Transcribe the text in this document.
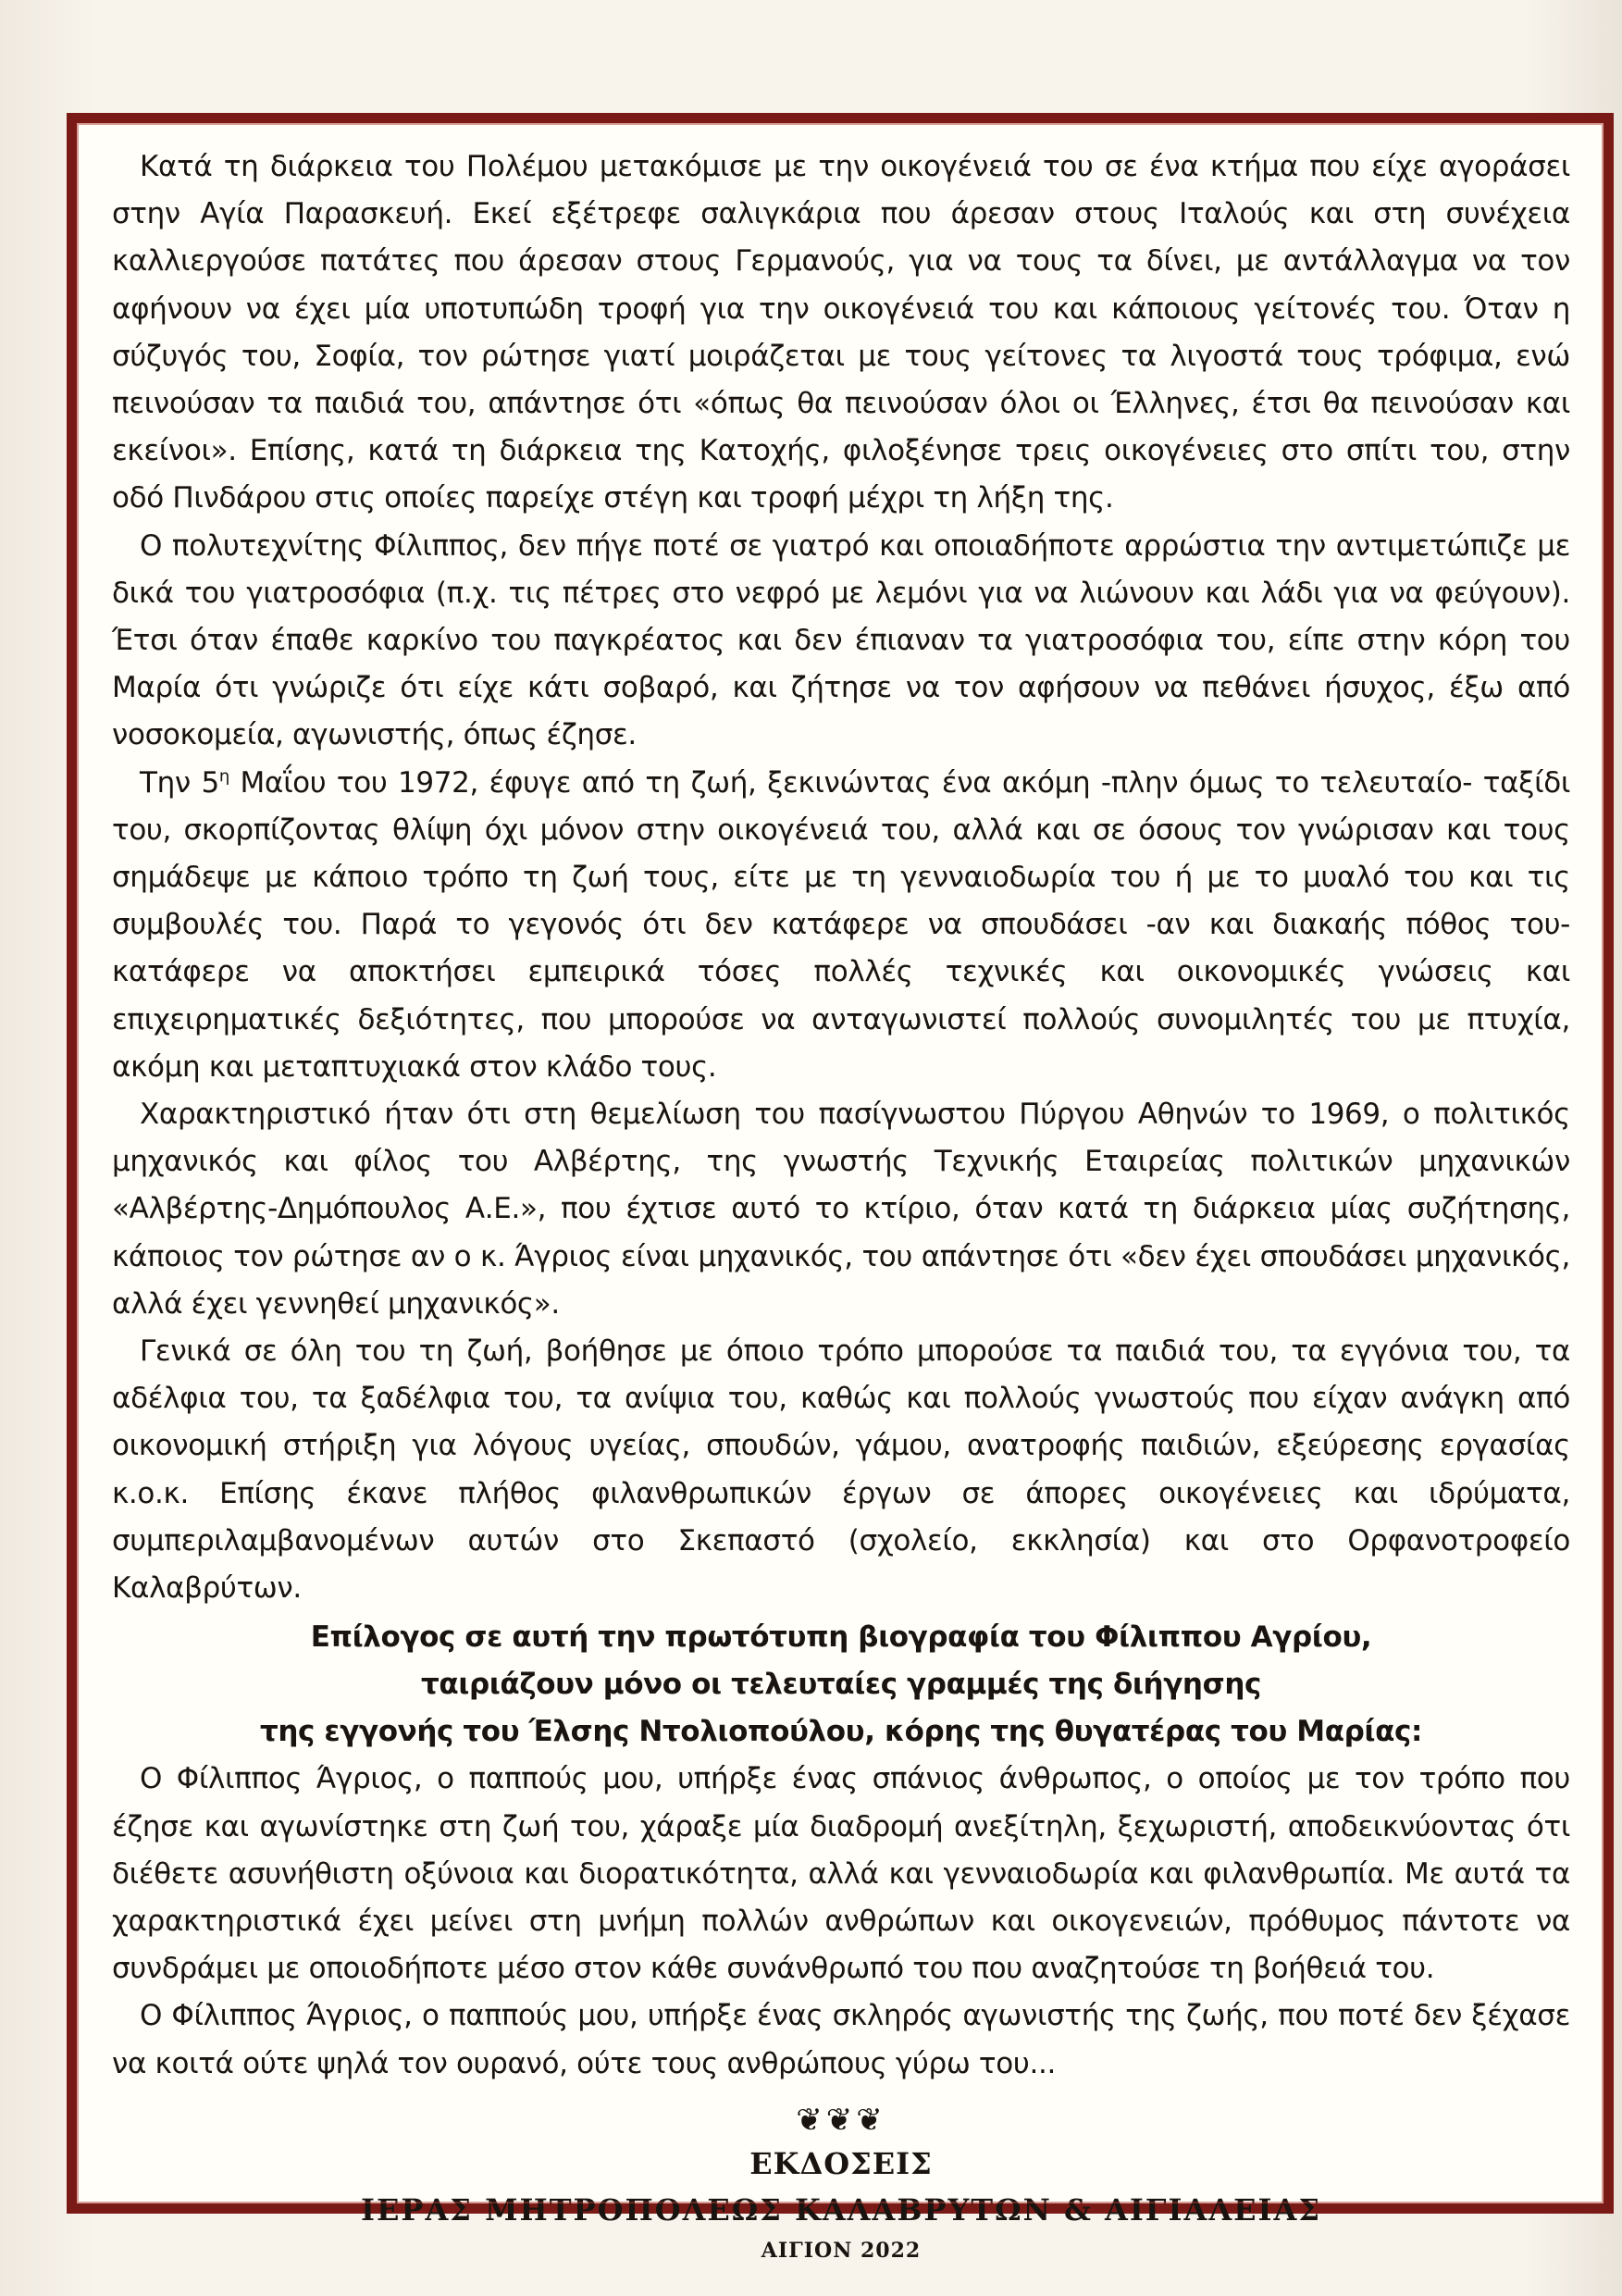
Κατά τη διάρκεια του Πολέμου μετακόμισε με την οικογένειά του σε ένα κτήμα που είχε αγοράσει στην Αγία Παρασκευή. Εκεί εξέτρεφε σαλιγκάρια που άρεσαν στους Ιταλούς και στη συνέχεια καλλιεργούσε πατάτες που άρεσαν στους Γερμανούς, για να τους τα δίνει, με αντάλλαγμα να τον αφήνουν να έχει μία υποτυπώδη τροφή για την οικογένειά του και κάποιους γείτονές του. Όταν η σύζυγός του, Σοφία, τον ρώτησε γιατί μοιράζεται με τους γείτονες τα λιγοστά τους τρόφιμα, ενώ πεινούσαν τα παιδιά του, απάντησε ότι «όπως θα πεινούσαν όλοι οι Έλληνες, έτσι θα πεινούσαν και εκείνοι». Επίσης, κατά τη διάρκεια της Κατοχής, φιλοξένησε τρεις οικογένειες στο σπίτι του, στην οδό Πινδάρου στις οποίες παρείχε στέγη και τροφή μέχρι τη λήξη της.

Ο πολυτεχνίτης Φίλιππος, δεν πήγε ποτέ σε γιατρό και οποιαδήποτε αρρώστια την αντιμετώπιζε με δικά του γιατροσόφια (π.χ. τις πέτρες στο νεφρό με λεμόνι για να λιώνουν και λάδι για να φεύγουν). Έτσι όταν έπαθε καρκίνο του παγκρέατος και δεν έπιαναν τα γιατροσόφια του, είπε στην κόρη του Μαρία ότι γνώριζε ότι είχε κάτι σοβαρό, και ζήτησε να τον αφήσουν να πεθάνει ήσυχος, έξω από νοσοκομεία, αγωνιστής, όπως έζησε.

Την $5^\eta$ Μαΐου του 1972, έφυγε από τη ζωή, ξεκινώντας ένα ακόμη -πλην όμως το τελευταίο- ταξίδι του, σκορπίζοντας θλίψη όχι μόνον στην οικογένειά του, αλλά και σε όσους τον γνώρισαν και τους σημάδεψε με κάποιο τρόπο τη ζωή τους, είτε με τη γενναιοδωρία του ή με το μυαλό του και τις συμβουλές του. Παρά το γεγονός ότι δεν κατάφερε να σπουδάσει -αν και διακαής πόθος του- κατάφερε να αποκτήσει εμπειρικά τόσες πολλές τεχνικές και οικονομικές γνώσεις και επιχειρηματικές δεξιότητες, που μπορούσε να ανταγωνιστεί πολλούς συνομιλητές του με πτυχία, ακόμη και μεταπτυχιακά στον κλάδο τους.

Χαρακτηριστικό ήταν ότι στη θεμελίωση του πασίγνωστου Πύργου Αθηνών το 1969, ο πολιτικός μηχανικός και φίλος του Αλβέρτης, της γνωστής Τεχνικής Εταιρείας πολιτικών μηχανικών «Αλβέρτης-Δημόπουλος Α.Ε.», που έχτισε αυτό το κτίριο, όταν κατά τη διάρκεια μίας συζήτησης, κάποιος τον ρώτησε αν ο κ. Άγριος είναι μηχανικός, του απάντησε ότι «δεν έχει σπουδάσει μηχανικός, αλλά έχει γεννηθεί μηχανικός».

Γενικά σε όλη του τη ζωή, βοήθησε με όποιο τρόπο μπορούσε τα παιδιά του, τα εγγόνια του, τα αδέλφια του, τα ξαδέλφια του, τα ανίψια του, καθώς και πολλούς γνωστούς που είχαν ανάγκη από οικονομική στήριξη για λόγους υγείας, σπουδών, γάμου, ανατροφής παιδιών, εξεύρεσης εργασίας κ.ο.κ. Επίσης έκανε πλήθος φιλανθρωπικών έργων σε άπορες οικογένειες και ιδρύματα, συμπεριλαμβανομένων αυτών στο Σκεπαστό (σχολείο, εκκλησία) και στο Ορφανοτροφείο Καλαβρύτων.

Επίλογος σε αυτή την πρωτότυπη βιογραφία του Φίλιππου Αγρίου,
ταιριάζουν μόνο οι τελευταίες γραμμές της διήγησης
της εγγονής του Έλσης Ντολιοπούλου, κόρης της θυγατέρας του Μαρίας:

Ο Φίλιππος Άγριος, ο παππούς μου, υπήρξε ένας σπάνιος άνθρωπος, ο οποίος με τον τρόπο που έζησε και αγωνίστηκε στη ζωή του, χάραξε μία διαδρομή ανεξίτηλη, ξεχωριστή, αποδεικνύοντας ότι διέθετε ασυνήθιστη οξύνοια και διορατικότητα, αλλά και γενναιοδωρία και φιλανθρωπία. Με αυτά τα χαρακτηριστικά έχει μείνει στη μνήμη πολλών ανθρώπων και οικογενειών, πρόθυμος πάντοτε να συνδράμει με οποιοδήποτε μέσο στον κάθε συνάνθρωπό του που αναζητούσε τη βοήθειά του.

Ο Φίλιππος Άγριος, ο παππούς μου, υπήρξε ένας σκληρός αγωνιστής της ζωής, που ποτέ δεν ξέχασε να κοιτά ούτε ψηλά τον ουρανό, ούτε τους ανθρώπους γύρω του...

❦❦❦
ΕΚΔΟΣΕΙΣ
ΙΕΡΑΣ ΜΗΤΡΟΠΟΛΕΩΣ ΚΑΛΑΒΡΥΤΩΝ & ΑΙΓΙΑΛΕΙΑΣ
ΑΙΓΙΟΝ 2022
